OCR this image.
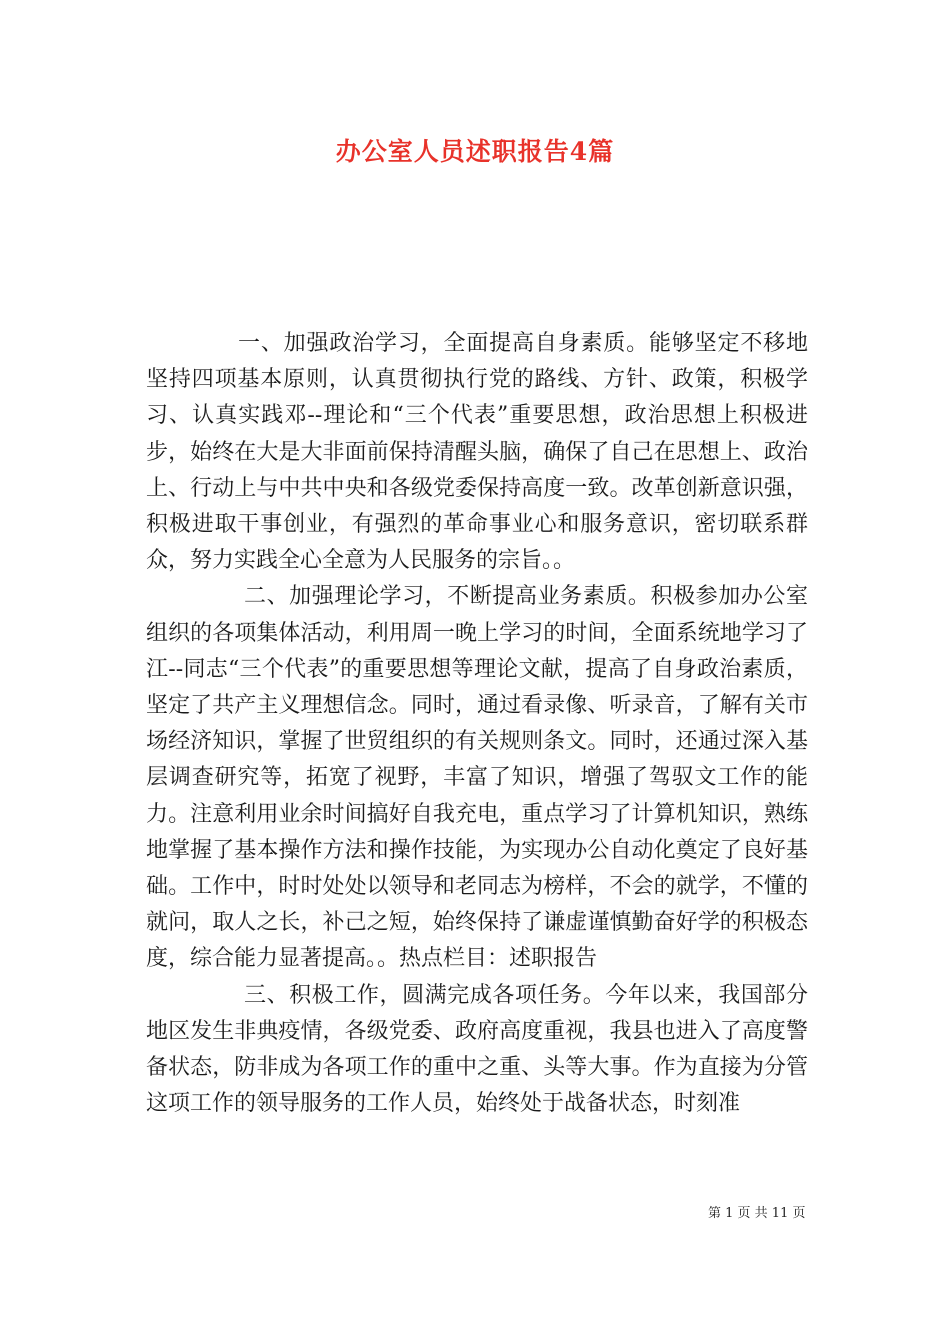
办公室人员述职报告4篇

一、加强政治学习，全面提高自身素质。能够坚定不移地坚持四项基本原则，认真贯彻执行党的路线、方针、政策，积极学习、认真实践邓--理论和“三个代表”重要思想，政治思想上积极进步，始终在大是大非面前保持清醒头脑，确保了自己在思想上、政治上、行动上与中共中央和各级党委保持高度一致。改革创新意识强，积极进取干事创业，有强烈的革命事业心和服务意识，密切联系群众，努力实践全心全意为人民服务的宗旨。。

二、加强理论学习，不断提高业务素质。积极参加办公室组织的各项集体活动，利用周一晚上学习的时间，全面系统地学习了江--同志“三个代表”的重要思想等理论文献，提高了自身政治素质，坚定了共产主义理想信念。同时，通过看录像、听录音，了解有关市场经济知识，掌握了世贸组织的有关规则条文。同时，还通过深入基层调查研究等，拓宽了视野，丰富了知识，增强了驾驭文工作的能力。注意利用业余时间搞好自我充电，重点学习了计算机知识，熟练地掌握了基本操作方法和操作技能，为实现办公自动化奠定了良好基础。工作中，时时处处以领导和老同志为榜样，不会的就学，不懂的就问，取人之长，补己之短，始终保持了谦虚谨慎勤奋好学的积极态度，综合能力显著提高。。热点栏目：述职报告

三、积极工作，圆满完成各项任务。今年以来，我国部分地区发生非典疫情，各级党委、政府高度重视，我县也进入了高度警备状态，防非成为各项工作的重中之重、头等大事。作为直接为分管这项工作的领导服务的工作人员，始终处于战备状态，时刻准

第 1 页 共 11 页
